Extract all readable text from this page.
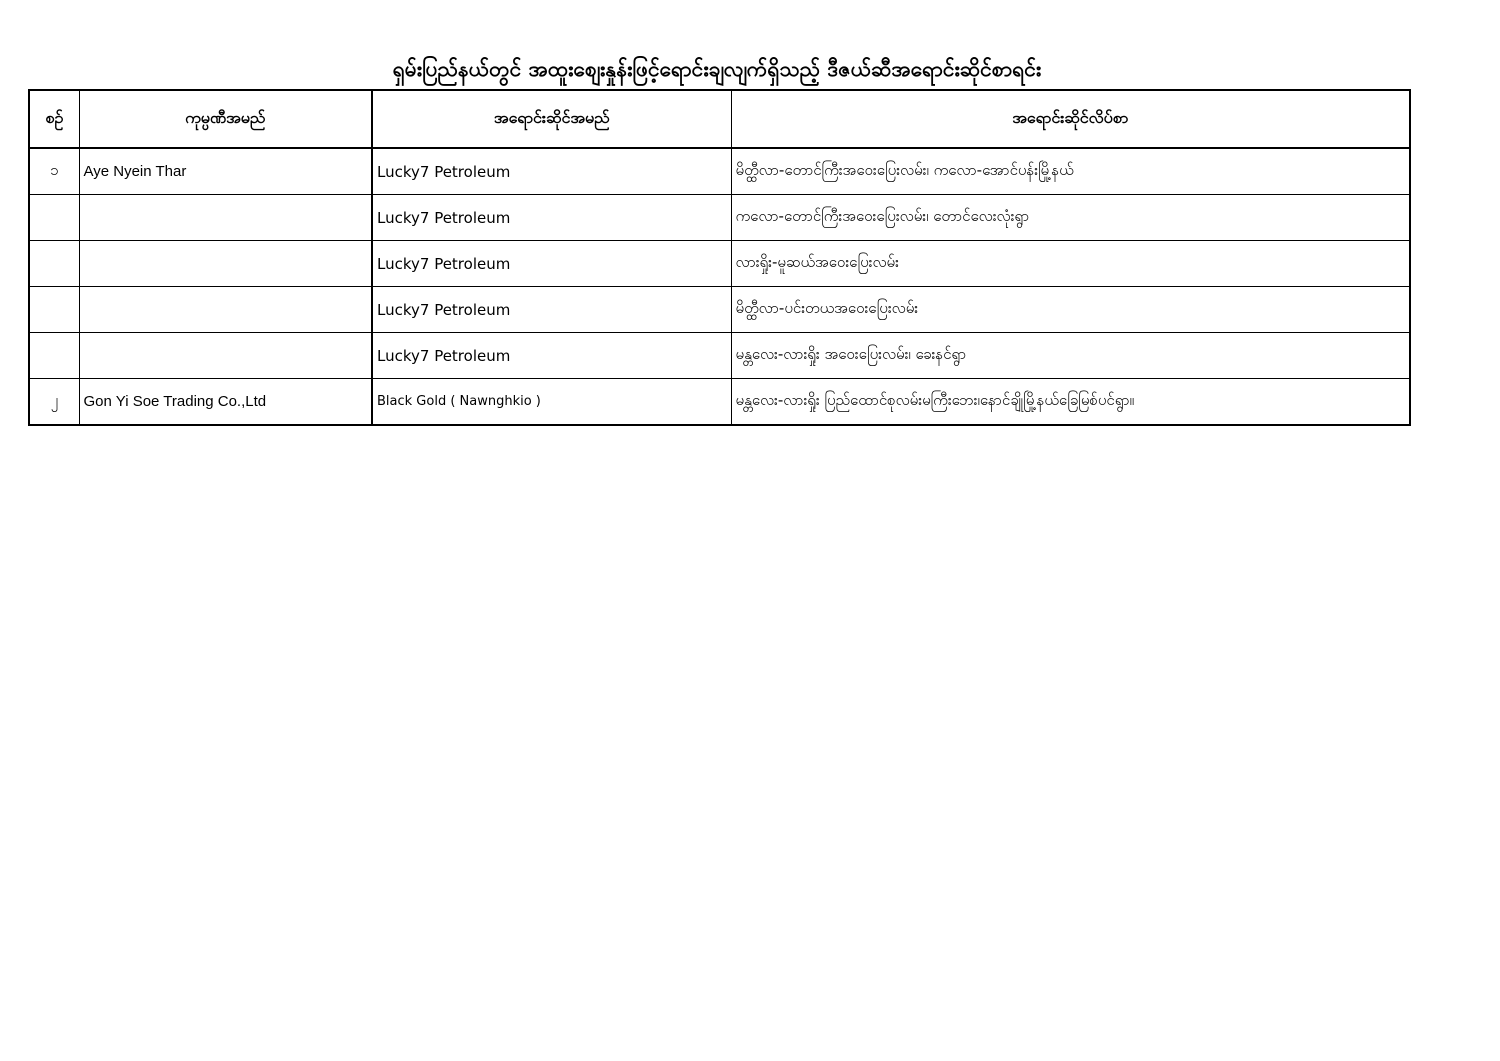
ရှမ်းပြည်နယ်တွင် အထူးစျေးနှုန်းဖြင့်ရောင်းချလျက်ရှိသည့် ဒီဇယ်ဆီအရောင်းဆိုင်စာရင်း
စဉ်	ကုမ္ပဏီအမည်	အရောင်းဆိုင်အမည်	အရောင်းဆိုင်လိပ်စာ
၁	Aye Nyein Thar	Lucky7 Petroleum	မိတ္ထီလာ-တောင်ကြီးအဝေးပြေးလမ်း၊ ကလော-အောင်ပန်းမြို့နယ်
		Lucky7 Petroleum	ကလော-တောင်ကြီးအဝေးပြေးလမ်း၊ တောင်လေးလုံးရွာ
		Lucky7 Petroleum	လားရှိုး-မူဆယ်အဝေးပြေးလမ်း
		Lucky7 Petroleum	မိတ္ထီလာ-ပင်းတယအဝေးပြေးလမ်း
		Lucky7 Petroleum	မန္တလေး-လားရှိုး အဝေးပြေးလမ်း၊ ခေးနင်ရွာ
၂	Gon Yi Soe Trading Co.,Ltd	Black Gold ( Nawnghkio )	မန္တလေး-လားရှိုး ပြည်ထောင်စုလမ်းမကြီးဘေး၊နောင်ချိုမြို့နယ်ခြေမြစ်ပင်ရွာ။
